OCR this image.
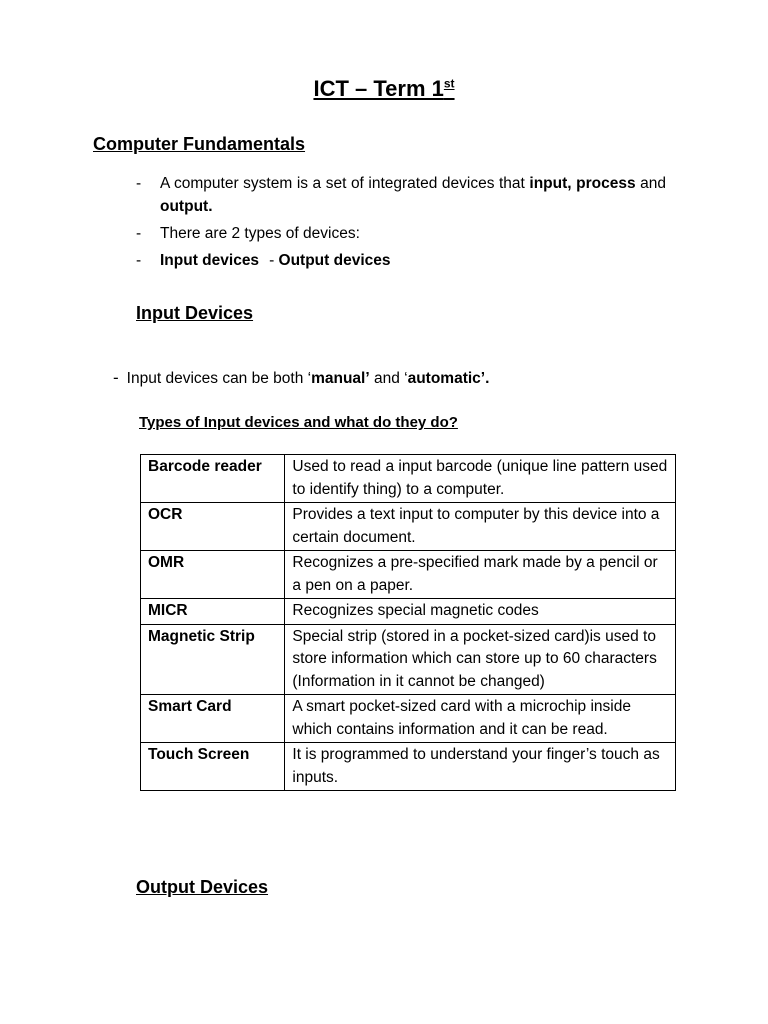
ICT – Term 1st
Computer Fundamentals
- A computer system is a set of integrated devices that input, process and output.
- There are 2 types of devices:
- Input devices - Output devices
Input Devices
- Input devices can be both ‘manual’ and ‘automatic’.
Types of Input devices and what do they do?
Barcode reader	Used to read a input barcode (unique line pattern used to identify thing) to a computer.
OCR	Provides a text input to computer by this device into a certain document.
OMR	Recognizes a pre-specified mark made by a pencil or a pen on a paper.
MICR	Recognizes special magnetic codes
Magnetic Strip	Special strip (stored in a pocket-sized card)is used to store information which can store up to 60 characters (Information in it cannot be changed)
Smart Card	A smart pocket-sized card with a microchip inside which contains information and it can be read.
Touch Screen	It is programmed to understand your finger’s touch as inputs.
Output Devices
